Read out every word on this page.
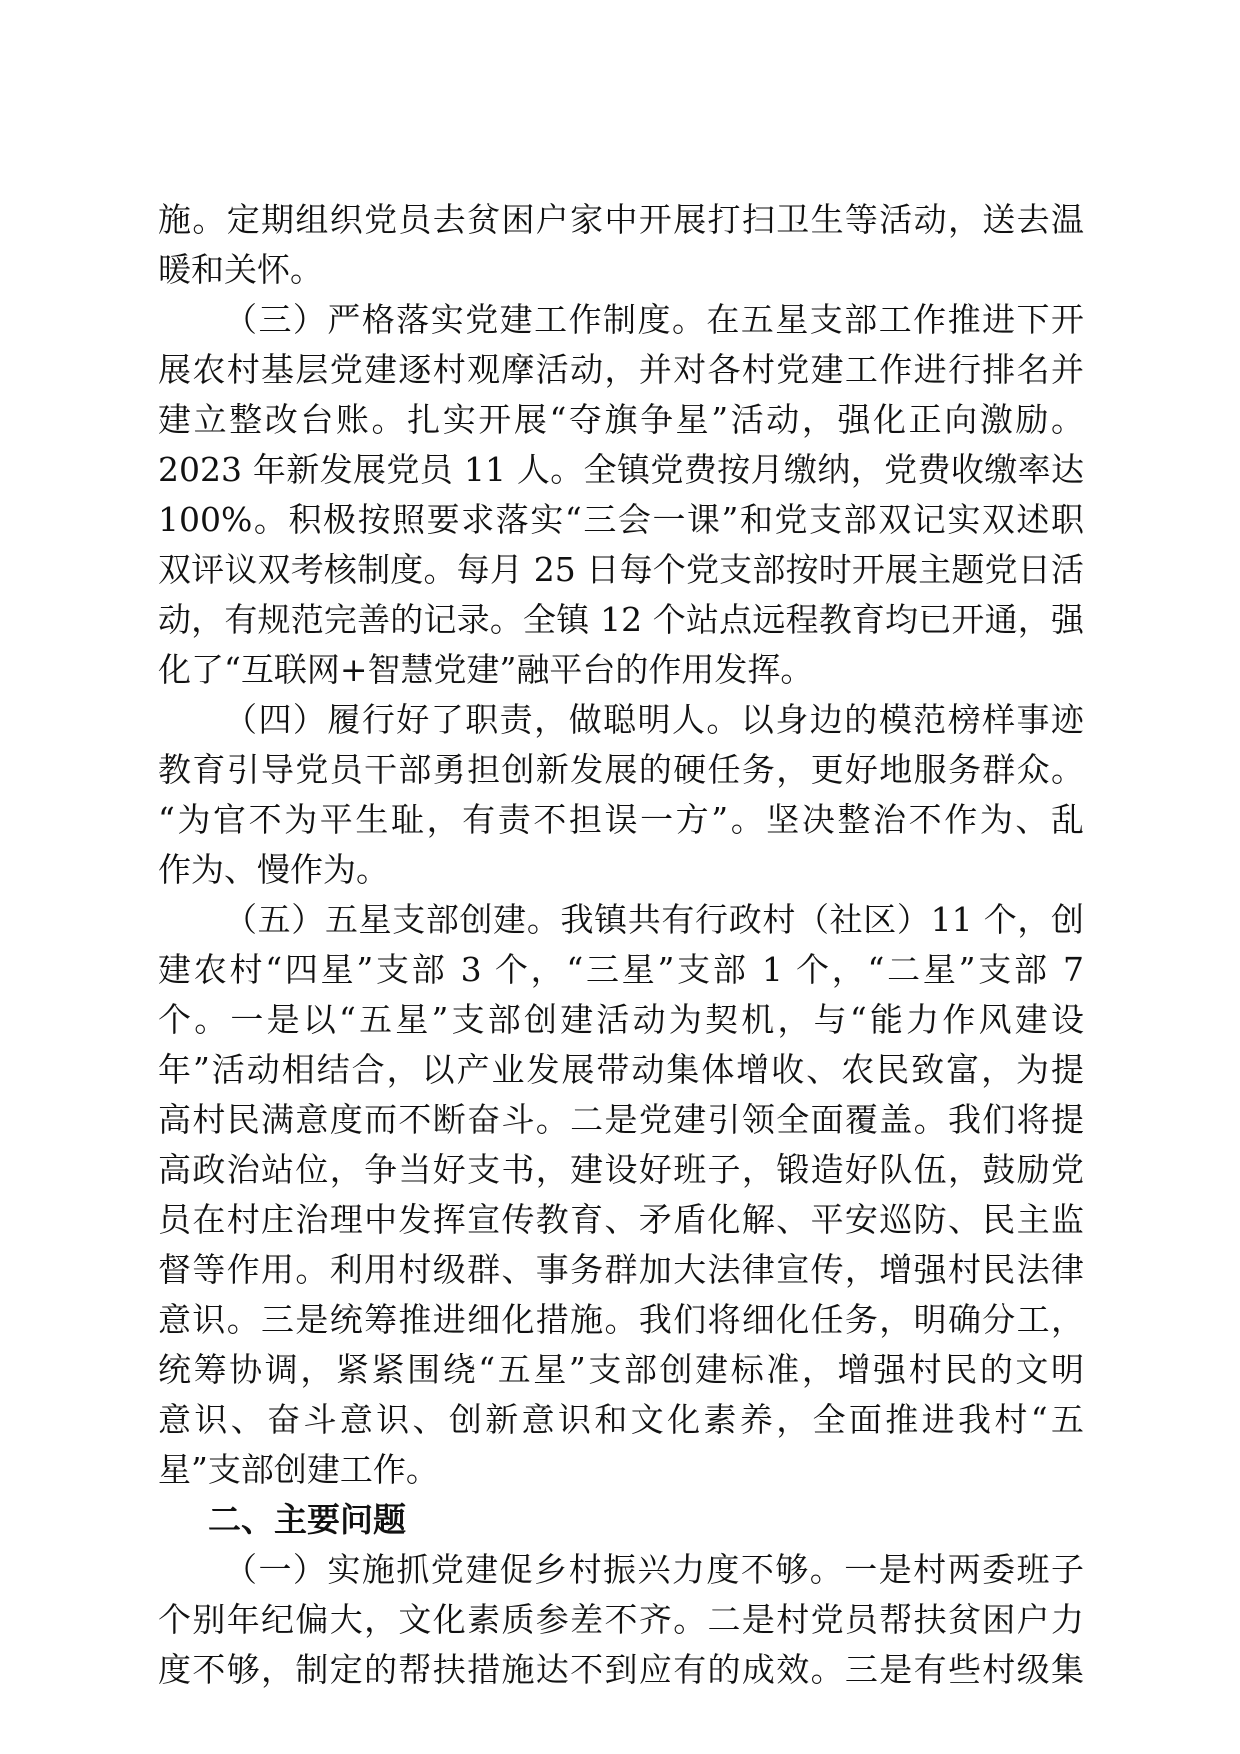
施。定期组织党员去贫困户家中开展打扫卫生等活动，送去温
暖和关怀。
（三）严格落实党建工作制度。在五星支部工作推进下开
展农村基层党建逐村观摩活动，并对各村党建工作进行排名并
建立整改台账。扎实开展“夺旗争星”活动，强化正向激励。
2023 年新发展党员 11 人。全镇党费按月缴纳，党费收缴率达
100%。积极按照要求落实“三会一课”和党支部双记实双述职
双评议双考核制度。每月 25 日每个党支部按时开展主题党日活
动，有规范完善的记录。全镇 12 个站点远程教育均已开通，强
化了“互联网+智慧党建”融平台的作用发挥。
（四）履行好了职责，做聪明人。以身边的模范榜样事迹
教育引导党员干部勇担创新发展的硬任务，更好地服务群众。
“为官不为平生耻，有责不担误一方”。坚决整治不作为、乱
作为、慢作为。
（五）五星支部创建。我镇共有行政村（社区）11 个，创
建农村“四星”支部 3 个，“三星”支部 1 个，“二星”支部 7
个。一是以“五星”支部创建活动为契机，与“能力作风建设
年”活动相结合，以产业发展带动集体增收、农民致富，为提
高村民满意度而不断奋斗。二是党建引领全面覆盖。我们将提
高政治站位，争当好支书，建设好班子，锻造好队伍，鼓励党
员在村庄治理中发挥宣传教育、矛盾化解、平安巡防、民主监
督等作用。利用村级群、事务群加大法律宣传，增强村民法律
意识。三是统筹推进细化措施。我们将细化任务，明确分工，
统筹协调，紧紧围绕“五星”支部创建标准，增强村民的文明
意识、奋斗意识、创新意识和文化素养，全面推进我村“五
星”支部创建工作。
二、主要问题
（一）实施抓党建促乡村振兴力度不够。一是村两委班子
个别年纪偏大，文化素质参差不齐。二是村党员帮扶贫困户力
度不够，制定的帮扶措施达不到应有的成效。三是有些村级集
